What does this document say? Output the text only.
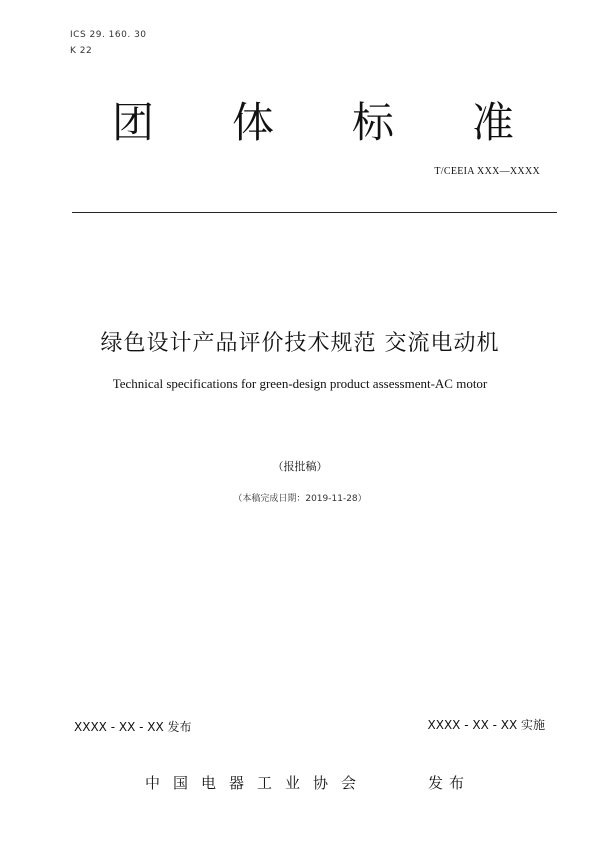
ICS 29. 160. 30
K 22
团 体 标 准
T/CEEIA XXX—XXXX
绿色设计产品评价技术规范 交流电动机
Technical specifications for green-design product assessment-AC motor
（报批稿）
（本稿完成日期：2019-11-28）
XXXX - XX - XX 发布	XXXX - XX - XX 实施
中国电器工业协会	发布
